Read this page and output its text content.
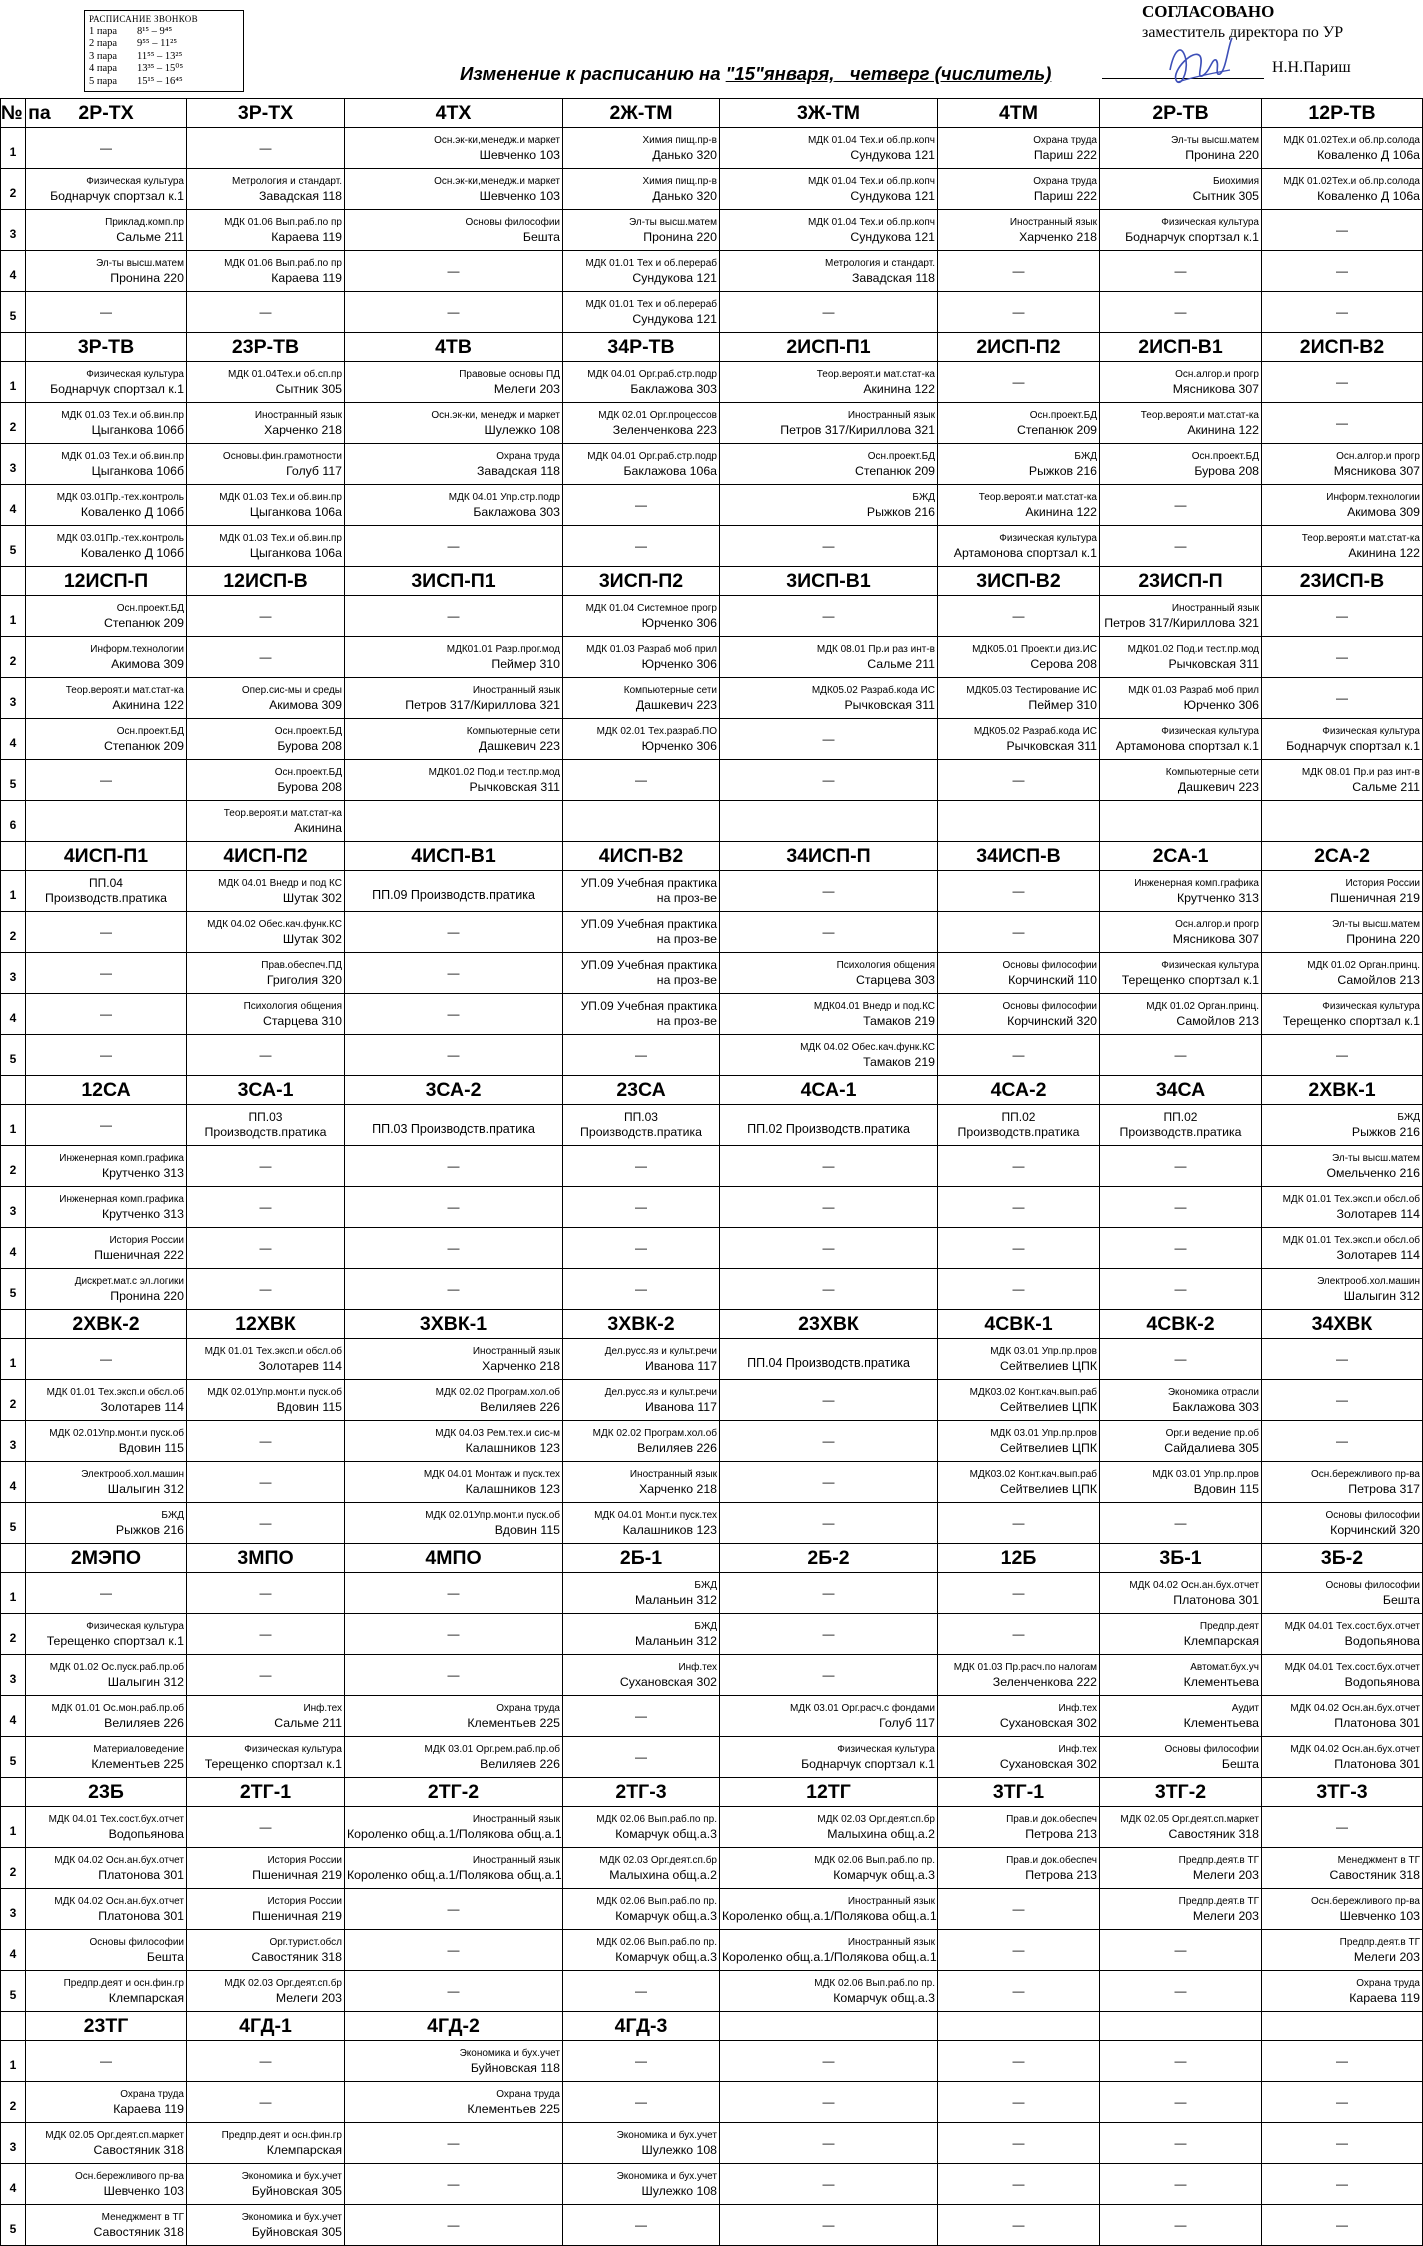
РАСПИСАНИЕ ЗВОНКОВ
1 пара 8¹⁵ – 9⁴⁵
2 пара 9⁵⁵ – 11²⁵
3 пара 11⁵⁵ – 13²⁵
4 пара 13³⁵ – 15⁰⁵
5 пара 15¹⁵ – 16⁴⁵
СОГЛАСОВАНО
заместитель директора по УР
Н.Н.Париш
Изменение к расписанию на "15"января,   четверг (числитель)
№ па	2Р-ТХ	3Р-ТХ	4ТХ	2Ж-ТМ	3Ж-ТМ	4ТМ	2Р-ТВ	12Р-ТВ
1	—	—	Осн.эк-ки,менедж.и маркет
Шевченко 103	Химия пищ.пр-в
Данько 320	МДК 01.04 Тех.и об.пр.копч
Сундукова 121	Охрана труда
Париш 222	Эл-ты высш.матем
Пронина 220	МДК 01.02Тех.и об.пр.солода
Коваленко Д 106а

2	Физическая культура
Боднарчук спортзал к.1	Метрология и стандарт.
Завадская 118	Осн.эк-ки,менедж.и маркет
Шевченко 103	Химия пищ.пр-в
Данько 320	МДК 01.04 Тех.и об.пр.копч
Сундукова 121	Охрана труда
Париш 222	Биохимия
Сытник 305	МДК 01.02Тех.и об.пр.солода
Коваленко Д 106а

3	Приклад.комп.пр
Сальме 211	МДК 01.06 Вып.раб.по пр
Караева 119	Основы философии
Бешта	Эл-ты высш.матем
Пронина 220	МДК 01.04 Тех.и об.пр.копч
Сундукова 121	Иностранный язык
Харченко 218	Физическая культура
Боднарчук спортзал к.1	—
4	Эл-ты высш.матем
Пронина 220	МДК 01.06 Вып.раб.по пр
Караева 119	—	МДК 01.01 Тех и об.перераб
Сундукова 121	Метрология и стандарт.
Завадская 118	—	—	—
5	—	—	—	МДК 01.01 Тех и об.перераб
Сундукова 121	—	—	—	—
	3Р-ТВ	23Р-ТВ	4ТВ	34Р-ТВ	2ИСП-П1	2ИСП-П2	2ИСП-В1	2ИСП-В2
1	Физическая культура
Боднарчук спортзал к.1	МДК 01.04Тех.и об.сп.пр
Сытник 305	Правовые основы ПД
Мелеги 203	МДК 04.01 Орг.раб.стр.подр
Баклажова 303	Теор.вероят.и мат.стат-ка
Акинина 122	—	Осн.алгор.и прогр
Мясникова 307	—
2	МДК 01.03 Тех.и об.вин.пр
Цыганкова 106б	Иностранный язык
Харченко 218	Осн.эк-ки, менедж и маркет
Шулежко 108	МДК 02.01 Орг.процессов
Зеленченкова 223	Иностранный язык
Петров 317/Кириллова 321	Осн.проект.БД
Степанюк 209	Теор.вероят.и мат.стат-ка
Акинина 122	—
3	МДК 01.03 Тех.и об.вин.пр
Цыганкова 106б	Основы.фин.грамотности
Голуб 117	Охрана труда
Завадская 118	МДК 04.01 Орг.раб.стр.подр
Баклажова 106а	Осн.проект.БД
Степанюк 209	БЖД
Рыжков 216	Осн.проект.БД
Бурова 208	Осн.алгор.и прогр
Мясникова 307

4	МДК 03.01Пр.-тех.контроль
Коваленко Д 106б	МДК 01.03 Тех.и об.вин.пр
Цыганкова 106а	МДК 04.01 Упр.стр.подр
Баклажова 303	—	БЖД
Рыжков 216	Теор.вероят.и мат.стат-ка
Акинина 122	—	Информ.технологии
Акимова 309

5	МДК 03.01Пр.-тех.контроль
Коваленко Д 106б	МДК 01.03 Тех.и об.вин.пр
Цыганкова 106а	—	—	—	Физическая культура
Артамонова спортзал к.1	—	Теор.вероят.и мат.стат-ка
Акинина 122

	12ИСП-П	12ИСП-В	3ИСП-П1	3ИСП-П2	3ИСП-В1	3ИСП-В2	23ИСП-П	23ИСП-В
1	Осн.проект.БД
Степанюк 209	—	—	МДК 01.04 Системное прогр
Юрченко 306	—	—	Иностранный язык
Петров 317/Кириллова 321	—
2	Информ.технологии
Акимова 309	—	МДК01.01 Разр.прог.мод
Пеймер 310	МДК 01.03 Разраб моб прил
Юрченко 306	МДК 08.01 Пр.и раз инт-в
Сальме 211	МДК05.01 Проект.и диз.ИС
Серова 208	МДК01.02 Под.и тест.пр.мод
Рычковская 311	—
3	Теор.вероят.и мат.стат-ка
Акинина 122	Опер.сис-мы и среды
Акимова 309	Иностранный язык
Петров 317/Кириллова 321	Компьютерные сети
Дашкевич 223	МДК05.02 Разраб.кода ИС
Рычковская 311	МДК05.03 Тестирование ИС
Пеймер 310	МДК 01.03 Разраб моб прил
Юрченко 306	—
4	Осн.проект.БД
Степанюк 209	Осн.проект.БД
Бурова 208	Компьютерные сети
Дашкевич 223	МДК 02.01 Тех.разраб.ПО
Юрченко 306	—	МДК05.02 Разраб.кода ИС
Рычковская 311	Физическая культура
Артамонова спортзал к.1	Физическая культура
Боднарчук спортзал к.1

5	—	Осн.проект.БД
Бурова 208	МДК01.02 Под.и тест.пр.мод
Рычковская 311	—	—	—	Компьютерные сети
Дашкевич 223	МДК 08.01 Пр.и раз инт-в
Сальме 211

6		Теор.вероят.и мат.стат-ка
Акинина						

	4ИСП-П1	4ИСП-П2	4ИСП-В1	4ИСП-В2	34ИСП-П	34ИСП-В	2СА-1	2СА-2
1	ПП.04
Производств.пратика	МДК 04.01 Внедр и под КС
Шутак 302	ПП.09 Производств.пратика	УП.09 Учебная практика
на проз-ве	—	—	Инженерная комп.графика
Крутченко 313	История России
Пшеничная 219

2	—	МДК 04.02 Обес.кач.функ.КС
Шутак 302	—	УП.09 Учебная практика
на проз-ве	—	—	Осн.алгор.и прогр
Мясникова 307	Эл-ты высш.матем
Пронина 220

3	—	Прав.обеспеч.ПД
Григолия 320	—	УП.09 Учебная практика
на проз-ве	Психология общения
Старцева 303	Основы философии
Корчинский 110	Физическая культура
Терещенко спортзал к.1	МДК 01.02 Орган.принц.
Самойлов 213

4	—	Психология общения
Старцева 310	—	УП.09 Учебная практика
на проз-ве	МДК04.01 Внедр и под.КС
Тамаков 219	Основы философии
Корчинский 320	МДК 01.02 Орган.принц.
Самойлов 213	Физическая культура
Терещенко спортзал к.1

5	—	—	—	—	МДК 04.02 Обес.кач.функ.КС
Тамаков 219	—	—	—
	12СА	3СА-1	3СА-2	23СА	4СА-1	4СА-2	34СА	2ХВК-1
1	—	ПП.03
Производств.пратика	ПП.03 Производств.пратика	ПП.03
Производств.пратика	ПП.02 Производств.пратика	ПП.02
Производств.пратика	ПП.02
Производств.пратика	БЖД
Рыжков 216

2	Инженерная комп.графика
Крутченко 313	—	—	—	—	—	—	Эл-ты высш.матем
Омельченко 216

3	Инженерная комп.графика
Крутченко 313	—	—	—	—	—	—	МДК 01.01 Тех.эксп.и обсл.об
Золотарев 114

4	История России
Пшеничная 222	—	—	—	—	—	—	МДК 01.01 Тех.эксп.и обсл.об
Золотарев 114

5	Дискрет.мат.с эл.логики
Пронина 220	—	—	—	—	—	—	Электрооб.хол.машин
Шалыгин 312

	2ХВК-2	12ХВК	3ХВК-1	3ХВК-2	23ХВК	4СВК-1	4СВК-2	34ХВК
1	—	МДК 01.01 Тех.эксп.и обсл.об
Золотарев 114	Иностранный язык
Харченко 218	Дел.русс.яз и культ.речи
Иванова 117	ПП.04 Производств.пратика	МДК 03.01 Упр.пр.пров
Сейтвелиев ЦПК	—	—
2	МДК 01.01 Тех.эксп.и обсл.об
Золотарев 114	МДК 02.01Упр.монт.и пуск.об
Вдовин 115	МДК 02.02 Програм.хол.об
Велиляев 226	Дел.русс.яз и культ.речи
Иванова 117	—	МДК03.02 Конт.кач.вып.раб
Сейтвелиев ЦПК	Экономика отрасли
Баклажова 303	—
3	МДК 02.01Упр.монт.и пуск.об
Вдовин 115	—	МДК 04.03 Рем.тех.и сис-м
Калашников 123	МДК 02.02 Програм.хол.об
Велиляев 226	—	МДК 03.01 Упр.пр.пров
Сейтвелиев ЦПК	Орг.и ведение пр.об
Сайдалиева 305	—
4	Электрооб.хол.машин
Шалыгин 312	—	МДК 04.01 Монтаж и пуск.тех
Калашников 123	Иностранный язык
Харченко 218	—	МДК03.02 Конт.кач.вып.раб
Сейтвелиев ЦПК	МДК 03.01 Упр.пр.пров
Вдовин 115	Осн.бережливого пр-ва
Петрова 317

5	БЖД
Рыжков 216	—	МДК 02.01Упр.монт.и пуск.об
Вдовин 115	МДК 04.01 Монт.и пуск.тех
Калашников 123	—	—	—	Основы философии
Корчинский 320

	2МЭПО	3МПО	4МПО	2Б-1	2Б-2	12Б	3Б-1	3Б-2
1	—	—	—	БЖД
Маланьин 312	—	—	МДК 04.02 Осн.ан.бух.отчет
Платонова 301	Основы философии
Бешта

2	Физическая культура
Терещенко спортзал к.1	—	—	БЖД
Маланьин 312	—	—	Предпр.деят
Клемпарская	МДК 04.01 Тех.сост.бух.отчет
Водопьянова

3	МДК 01.02 Ос.пуск.раб.пр.об
Шалыгин 312	—	—	Инф.тех
Сухановская 302	—	МДК 01.03 Пр.расч.по налогам
Зеленченкова 222	Автомат.бух.уч
Клементьева	МДК 04.01 Тех.сост.бух.отчет
Водопьянова

4	МДК 01.01 Ос.мон.раб.пр.об
Велиляев 226	Инф.тех
Сальме 211	Охрана труда
Клементьев 225	—	МДК 03.01 Орг.расч.с фондами
Голуб 117	Инф.тех
Сухановская 302	Аудит
Клементьева	МДК 04.02 Осн.ан.бух.отчет
Платонова 301

5	Материаловедение
Клементьев 225	Физическая культура
Терещенко спортзал к.1	МДК 03.01 Орг.рем.раб.пр.об
Велиляев 226	—	Физическая культура
Боднарчук спортзал к.1	Инф.тех
Сухановская 302	Основы философии
Бешта	МДК 04.02 Осн.ан.бух.отчет
Платонова 301

	23Б	2ТГ-1	2ТГ-2	2ТГ-3	12ТГ	3ТГ-1	3ТГ-2	3ТГ-3
1	МДК 04.01 Тех.сост.бух.отчет
Водопьянова	—	Иностранный язык
Короленко общ.а.1/Полякова общ.а.1	МДК 02.06 Вып.раб.по пр.
Комарчук общ.а.3	МДК 02.03 Орг.деят.сп.бр
Малыхина общ.а.2	Прав.и док.обеспеч
Петрова 213	МДК 02.05 Орг.деят.сп.маркет
Савостяник 318	—
2	МДК 04.02 Осн.ан.бух.отчет
Платонова 301	История России
Пшеничная 219	Иностранный язык
Короленко общ.а.1/Полякова общ.а.1	МДК 02.03 Орг.деят.сп.бр
Малыхина общ.а.2	МДК 02.06 Вып.раб.по пр.
Комарчук общ.а.3	Прав.и док.обеспеч
Петрова 213	Предпр.деят.в ТГ
Мелеги 203	Менеджмент в ТГ
Савостяник 318

3	МДК 04.02 Осн.ан.бух.отчет
Платонова 301	История России
Пшеничная 219	—	МДК 02.06 Вып.раб.по пр.
Комарчук общ.а.3	Иностранный язык
Короленко общ.а.1/Полякова общ.а.1	—	Предпр.деят.в ТГ
Мелеги 203	Осн.бережливого пр-ва
Шевченко 103

4	Основы философии
Бешта	Орг.турист.обсл
Савостяник 318	—	МДК 02.06 Вып.раб.по пр.
Комарчук общ.а.3	Иностранный язык
Короленко общ.а.1/Полякова общ.а.1	—	—	Предпр.деят.в ТГ
Мелеги 203

5	Предпр.деят и осн.фин.гр
Клемпарская	МДК 02.03 Орг.деят.сп.бр
Мелеги 203	—	—	МДК 02.06 Вып.раб.по пр.
Комарчук общ.а.3	—	—	Охрана труда
Караева 119

	23ТГ	4ГД-1	4ГД-2	4ГД-3				
1	—	—	Экономика и бух.учет
Буйновская 118	—	—	—	—	—
2	Охрана труда
Караева 119	—	Охрана труда
Клементьев 225	—	—	—	—	—
3	МДК 02.05 Орг.деят.сп.маркет
Савостяник 318	Предпр.деят и осн.фин.гр
Клемпарская	—	Экономика и бух.учет
Шулежко 108	—	—	—	—
4	Осн.бережливого пр-ва
Шевченко 103	Экономика и бух.учет
Буйновская 305	—	Экономика и бух.учет
Шулежко 108	—	—	—	—
5	Менеджмент в ТГ
Савостяник 318	Экономика и бух.учет
Буйновская 305	—	—	—	—	—	—
